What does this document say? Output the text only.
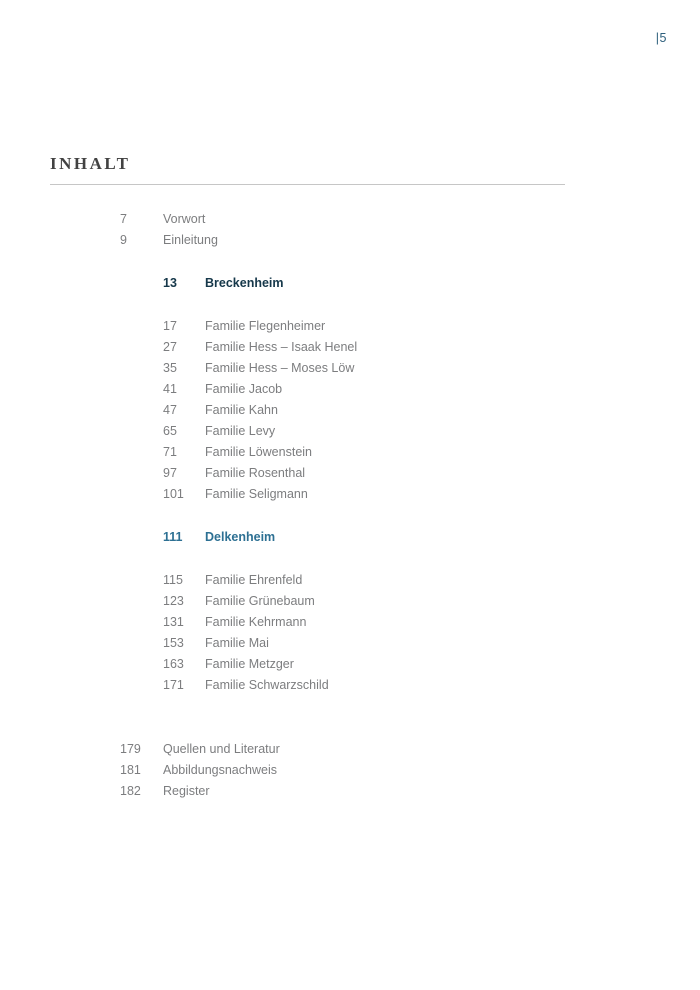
|5
INHALT
7	Vorwort
9	Einleitung
13	Breckenheim
17	Familie Flegenheimer
27	Familie Hess – Isaak Henel
35	Familie Hess – Moses Löw
41	Familie Jacob
47	Familie Kahn
65	Familie Levy
71	Familie Löwenstein
97	Familie Rosenthal
101	Familie Seligmann
111	Delkenheim
115	Familie Ehrenfeld
123	Familie Grünebaum
131	Familie Kehrmann
153	Familie Mai
163	Familie Metzger
171	Familie Schwarzschild
179	Quellen und Literatur
181	Abbildungsnachweis
182	Register
